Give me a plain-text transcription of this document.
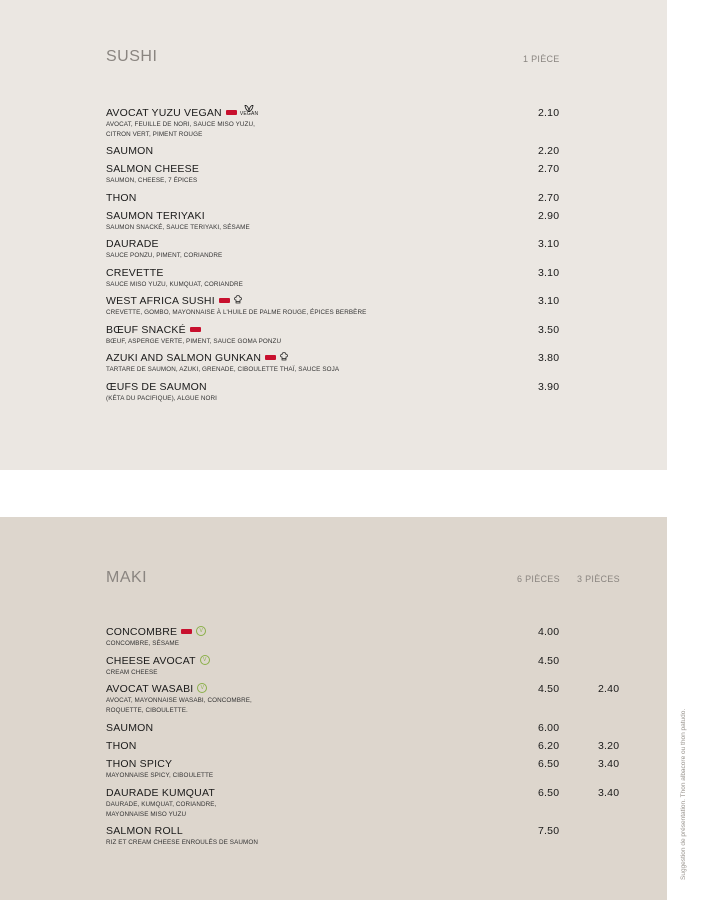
SUSHI	1 PIÈCE
AVOCAT YUZU VEGAN	VEGAN
AVOCAT, FEUILLE DE NORI, SAUCE MISO YUZU,
CITRON VERT, PIMENT ROUGE
2.10
SAUMON	2.20
SALMON CHEESE
SAUMON, CHEESE, 7 ÉPICES
2.70
THON	2.70
SAUMON TERIYAKI
SAUMON SNACKÉ, SAUCE TERIYAKI, SÉSAME
2.90
DAURADE
SAUCE PONZU, PIMENT, CORIANDRE
3.10
CREVETTE
SAUCE MISO YUZU, KUMQUAT, CORIANDRE
3.10
WEST AFRICA SUSHI
CREVETTE, GOMBO, MAYONNAISE À L'HUILE DE PALME ROUGE, ÉPICES BERBÈRE
3.10
BŒUF SNACKÉ
BŒUF, ASPERGE VERTE, PIMENT, SAUCE GOMA PONZU
3.50
AZUKI AND SALMON GUNKAN
TARTARE DE SAUMON, AZUKI, GRENADE, CIBOULETTE THAÏ, SAUCE SOJA
3.80
ŒUFS DE SAUMON
(KÉTA DU PACIFIQUE), ALGUE NORI
3.90
MAKI	6 PIÈCES 3 PIÈCES
CONCOMBRE	V
CONCOMBRE, SÉSAME
4.00
CHEESE AVOCAT V
CREAM CHEESE
4.50
AVOCAT WASABI V
AVOCAT, MAYONNAISE WASABI, CONCOMBRE,
ROQUETTE, CIBOULETTE.
4.50	2.40
SAUMON	6.00
THON	6.20	3.20
THON SPICY
MAYONNAISE SPICY, CIBOULETTE
6.50	3.40
DAURADE KUMQUAT
DAURADE, KUMQUAT, CORIANDRE,
MAYONNAISE MISO YUZU
6.50	3.40
SALMON ROLL
RIZ ET CREAM CHEESE ENROULÉS DE SAUMON
7.50	Suggestion de présentation. Thon albacore ou thon patudo.
